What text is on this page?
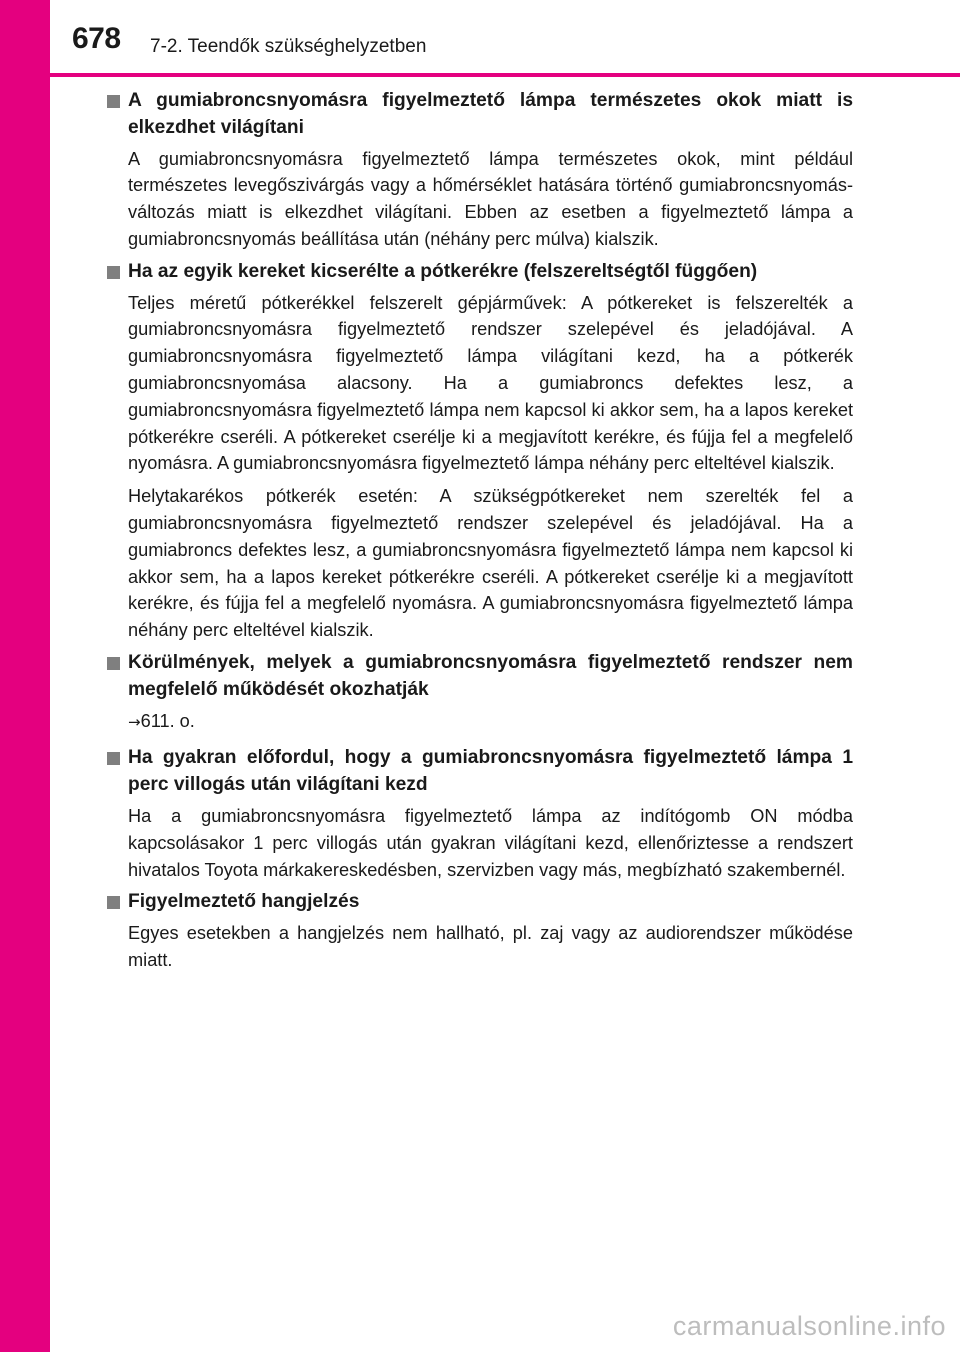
678 7-2. Teendők szükséghelyzetben
A gumiabroncsnyomásra figyelmeztető lámpa természetes okok miatt is elkezdhet világítani

A gumiabroncsnyomásra figyelmeztető lámpa természetes okok, mint például természetes levegőszivárgás vagy a hőmérséklet hatására történő gumiabroncsnyomás-változás miatt is elkezdhet világítani. Ebben az esetben a figyelmeztető lámpa a gumiabroncsnyomás beállítása után (néhány perc múlva) kialszik.

Ha az egyik kereket kicserélte a pótkerékre (felszereltségtől függően)

Teljes méretű pótkerékkel felszerelt gépjárművek: A pótkereket is felszerelték a gumiabroncsnyomásra figyelmeztető rendszer szelepével és jeladójával. A gumiabroncsnyomásra figyelmeztető lámpa világítani kezd, ha a pótkerék gumiabroncsnyomása alacsony. Ha a gumiabroncs defektes lesz, a gumiabroncsnyomásra figyelmeztető lámpa nem kapcsol ki akkor sem, ha a lapos kereket pótkerékre cseréli. A pótkereket cserélje ki a megjavított kerékre, és fújja fel a megfelelő nyomásra. A gumiabroncsnyomásra figyelmeztető lámpa néhány perc elteltével kialszik.

Helytakarékos pótkerék esetén: A szükségpótkereket nem szerelték fel a gumiabroncsnyomásra figyelmeztető rendszer szelepével és jeladójával. Ha a gumiabroncs defektes lesz, a gumiabroncsnyomásra figyelmeztető lámpa nem kapcsol ki akkor sem, ha a lapos kereket pótkerékre cseréli. A pótkereket cserélje ki a megjavított kerékre, és fújja fel a megfelelő nyomásra. A gumiabroncsnyomásra figyelmeztető lámpa néhány perc elteltével kialszik.

Körülmények, melyek a gumiabroncsnyomásra figyelmeztető rendszer nem megfelelő működését okozhatják
→611. o.
Ha gyakran előfordul, hogy a gumiabroncsnyomásra figyelmeztető lámpa 1 perc villogás után világítani kezd

Ha a gumiabroncsnyomásra figyelmeztető lámpa az indítógomb ON módba kapcsolásakor 1 perc villogás után gyakran világítani kezd, ellenőriztesse a rendszert hivatalos Toyota márkakereskedésben, szervizben vagy más, megbízható szakembernél.

Figyelmeztető hangjelzés

Egyes esetekben a hangjelzés nem hallható, pl. zaj vagy az audiorendszer működése miatt.

carmanualsonline.info
